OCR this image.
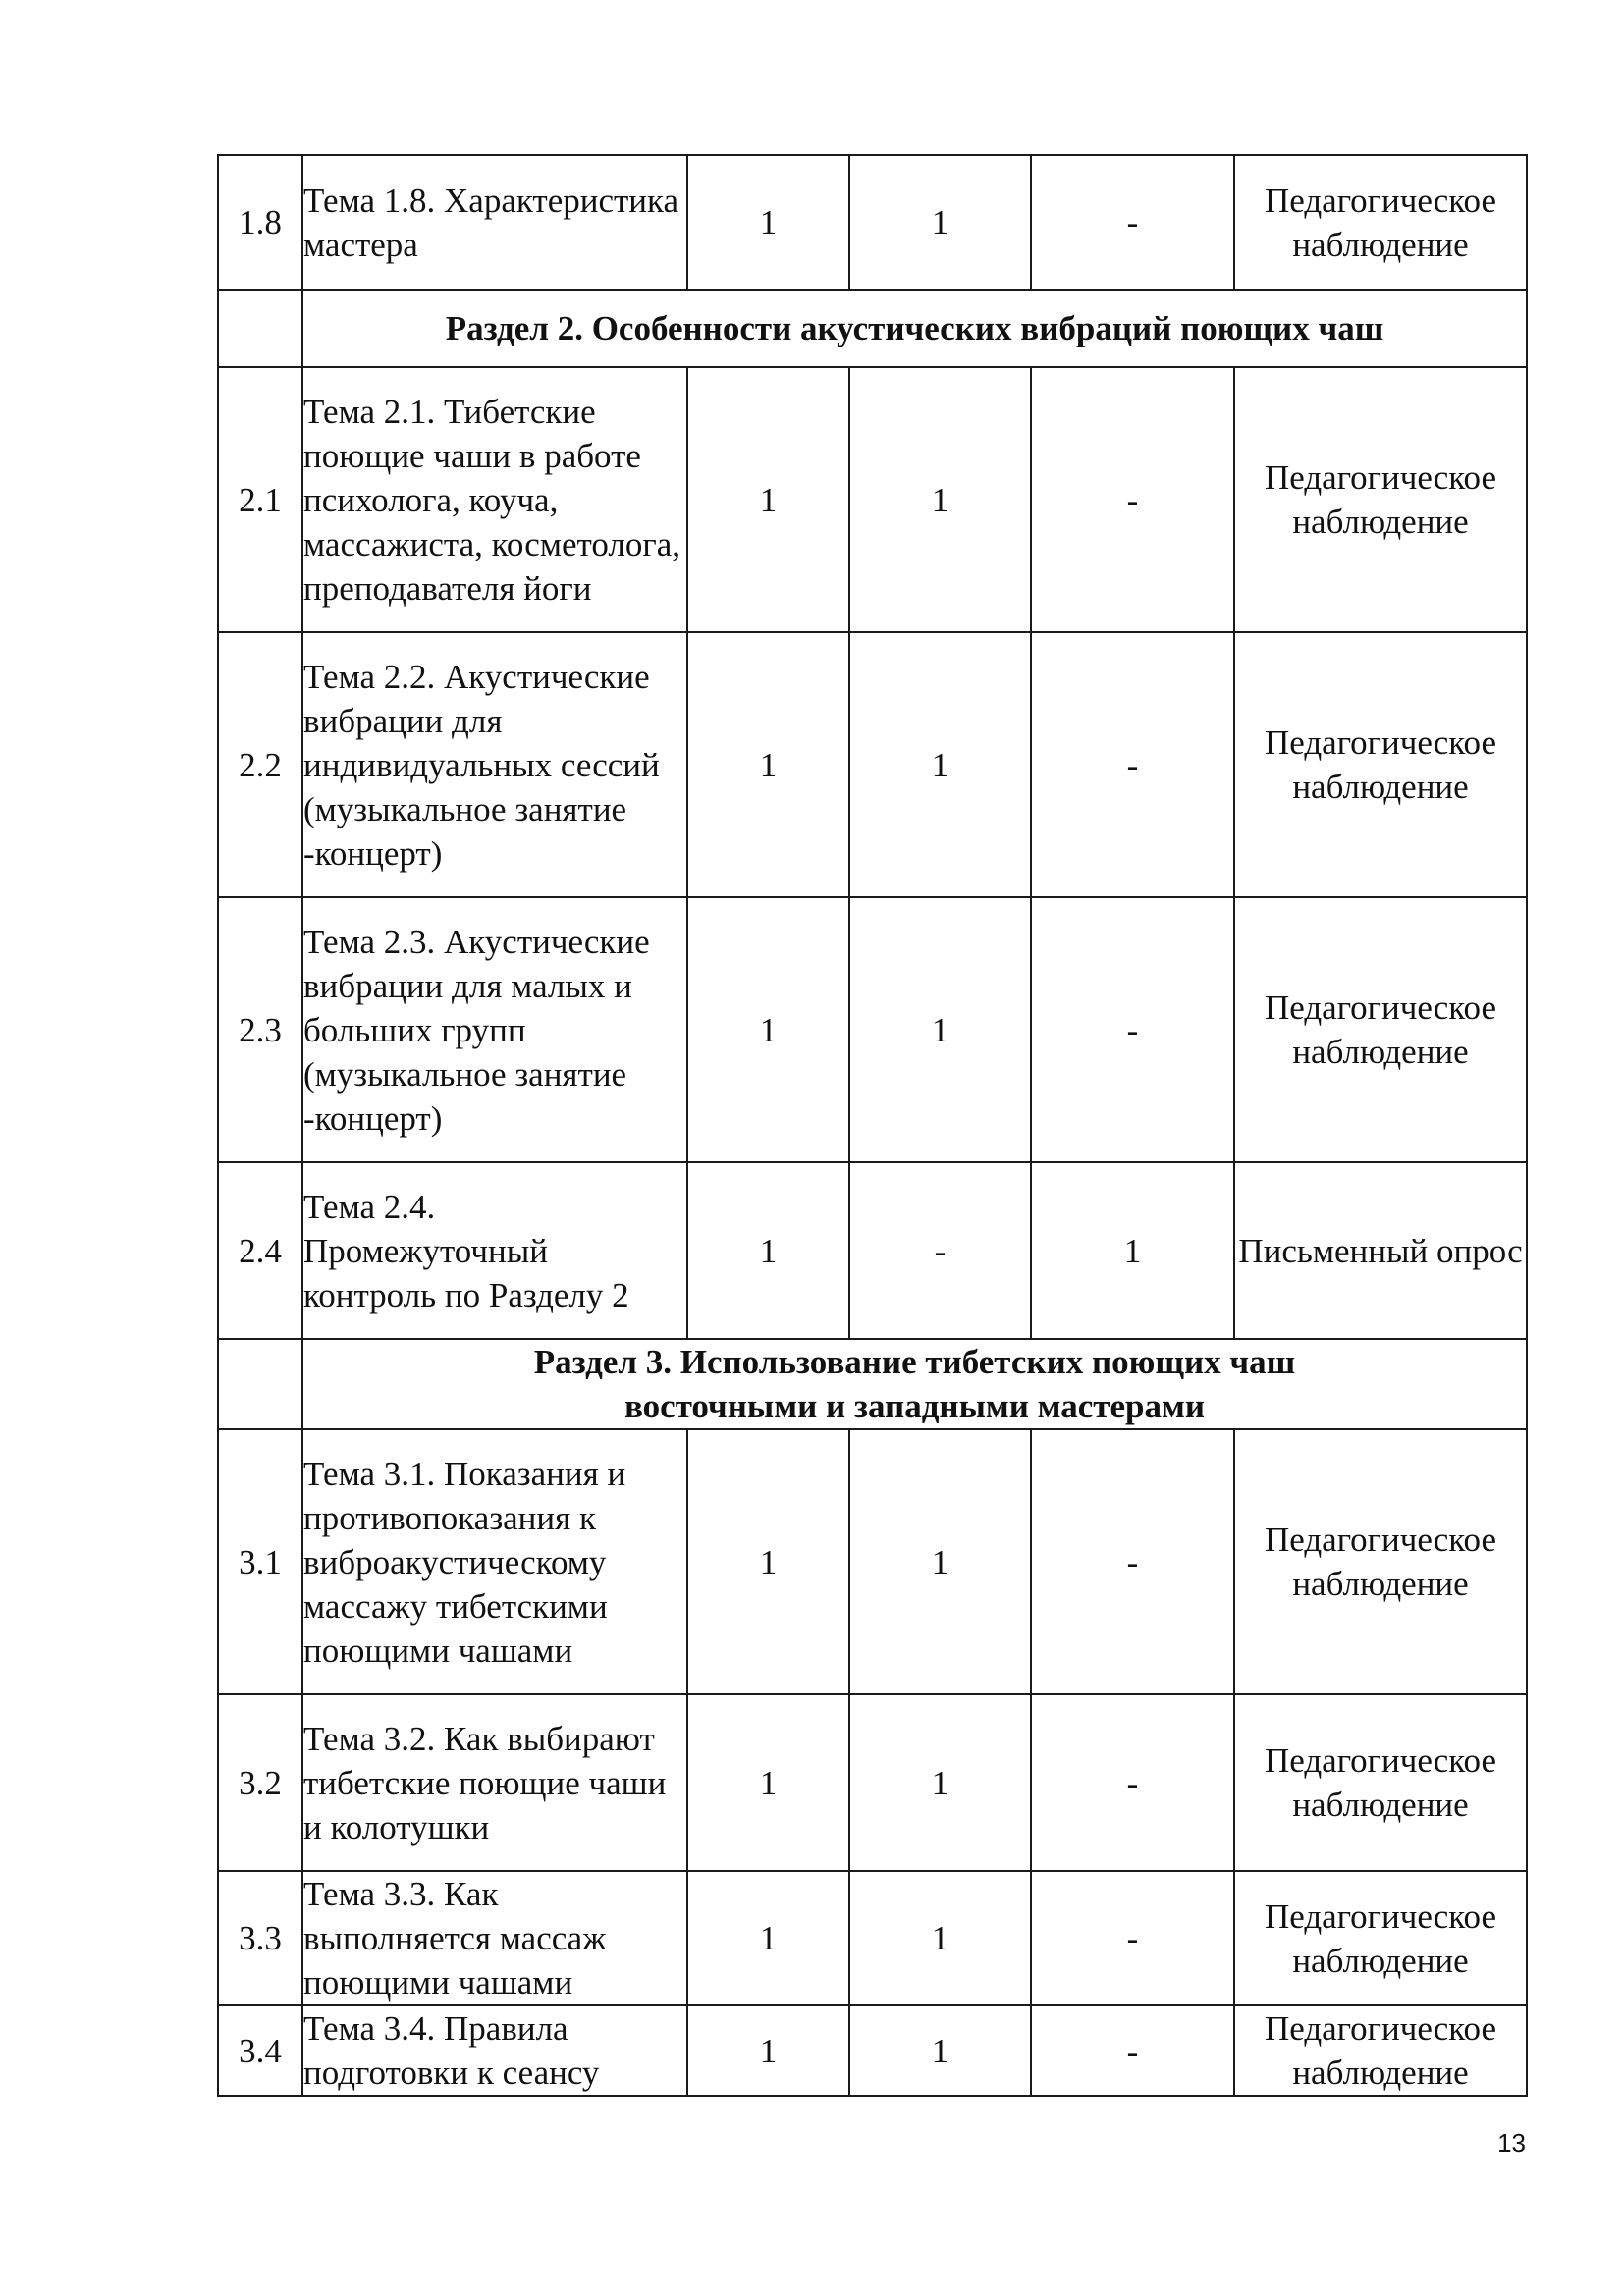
1.8	Тема 1.8. Характеристика мастера	1	1	-	Педагогическое наблюдение
	Раздел 2. Особенности акустических вибраций поющих чаш				
2.1	Тема 2.1. Тибетские поющие чаши в работе психолога, коуча, массажиста, косметолога, преподавателя йоги	1	1	-	Педагогическое наблюдение
2.2	Тема 2.2. Акустические вибрации для индивидуальных сессий (музыкальное занятие -концерт)	1	1	-	Педагогическое наблюдение
2.3	Тема 2.3. Акустические вибрации для малых и больших групп (музыкальное занятие -концерт)	1	1	-	Педагогическое наблюдение
2.4	Тема 2.4. Промежуточный контроль по Разделу 2	1	-	1	Письменный опрос
	Раздел 3. Использование тибетских поющих чаш восточными и западными мастерами				
3.1	Тема 3.1. Показания и противопоказания к виброакустическому массажу тибетскими поющими чашами	1	1	-	Педагогическое наблюдение
3.2	Тема 3.2. Как выбирают тибетские поющие чаши и колотушки	1	1	-	Педагогическое наблюдение
3.3	Тема 3.3. Как выполняется массаж поющими чашами	1	1	-	Педагогическое наблюдение
3.4	Тема 3.4. Правила подготовки к сеансу	1	1	-	Педагогическое наблюдение
13
